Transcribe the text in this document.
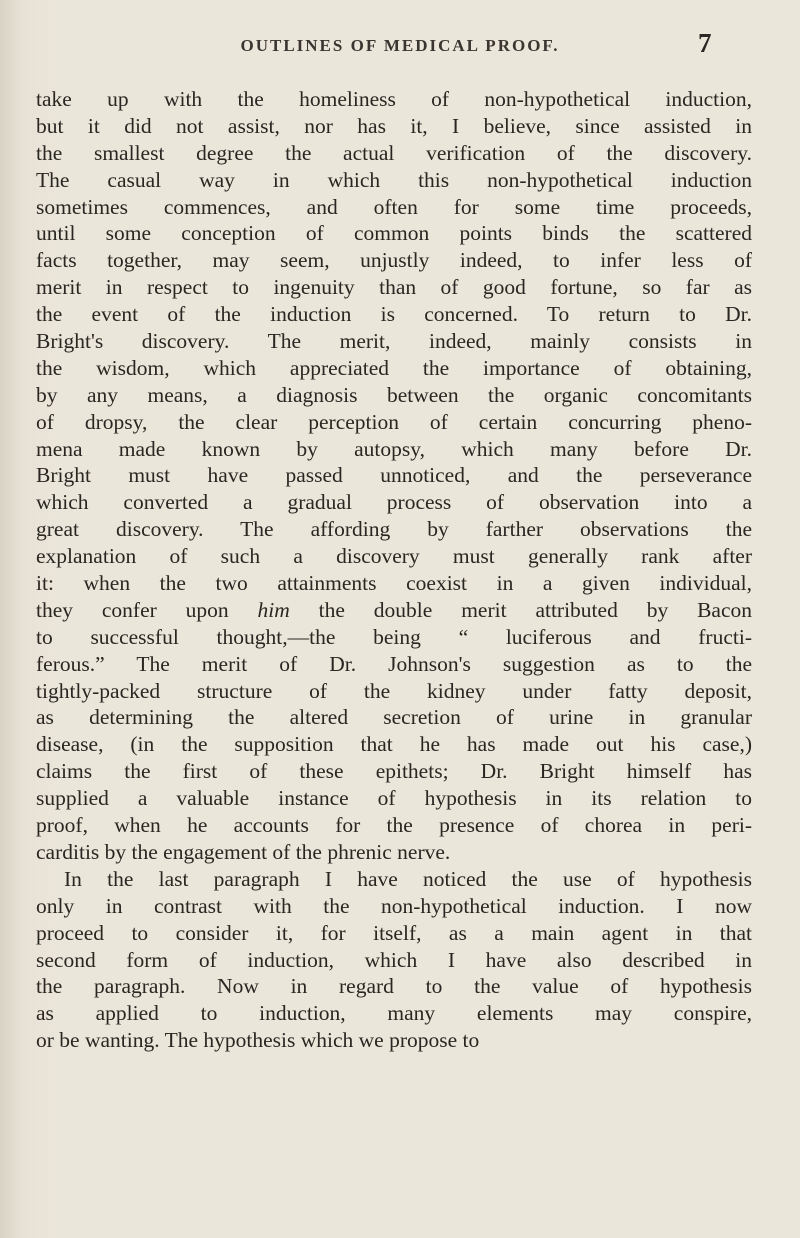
OUTLINES OF MEDICAL PROOF.	7
take up with the homeliness of non-hypothetical induction,
but it did not assist, nor has it, I believe, since assisted in
the smallest degree the actual verification of the discovery.
The casual way in which this non-hypothetical induction
sometimes commences, and often for some time proceeds,
until some conception of common points binds the scattered
facts together, may seem, unjustly indeed, to infer less of
merit in respect to ingenuity than of good fortune, so far as
the event of the induction is concerned. To return to Dr.
Bright's discovery. The merit, indeed, mainly consists in
the wisdom, which appreciated the importance of obtaining,
by any means, a diagnosis between the organic concomitants
of dropsy, the clear perception of certain concurring pheno-
mena made known by autopsy, which many before Dr.
Bright must have passed unnoticed, and the perseverance
which converted a gradual process of observation into a
great discovery. The affording by farther observations the
explanation of such a discovery must generally rank after
it: when the two attainments coexist in a given individual,
they confer upon him the double merit attributed by Bacon
to successful thought,—the being “ luciferous and fructi-
ferous.” The merit of Dr. Johnson's suggestion as to the
tightly-packed structure of the kidney under fatty deposit,
as determining the altered secretion of urine in granular
disease, (in the supposition that he has made out his case,)
claims the first of these epithets; Dr. Bright himself has
supplied a valuable instance of hypothesis in its relation to
proof, when he accounts for the presence of chorea in peri-
carditis by the engagement of the phrenic nerve.
In the last paragraph I have noticed the use of hypothesis
only in contrast with the non-hypothetical induction. I now
proceed to consider it, for itself, as a main agent in that
second form of induction, which I have also described in
the paragraph. Now in regard to the value of hypothesis
as applied to induction, many elements may conspire,
or be wanting. The hypothesis which we propose to
